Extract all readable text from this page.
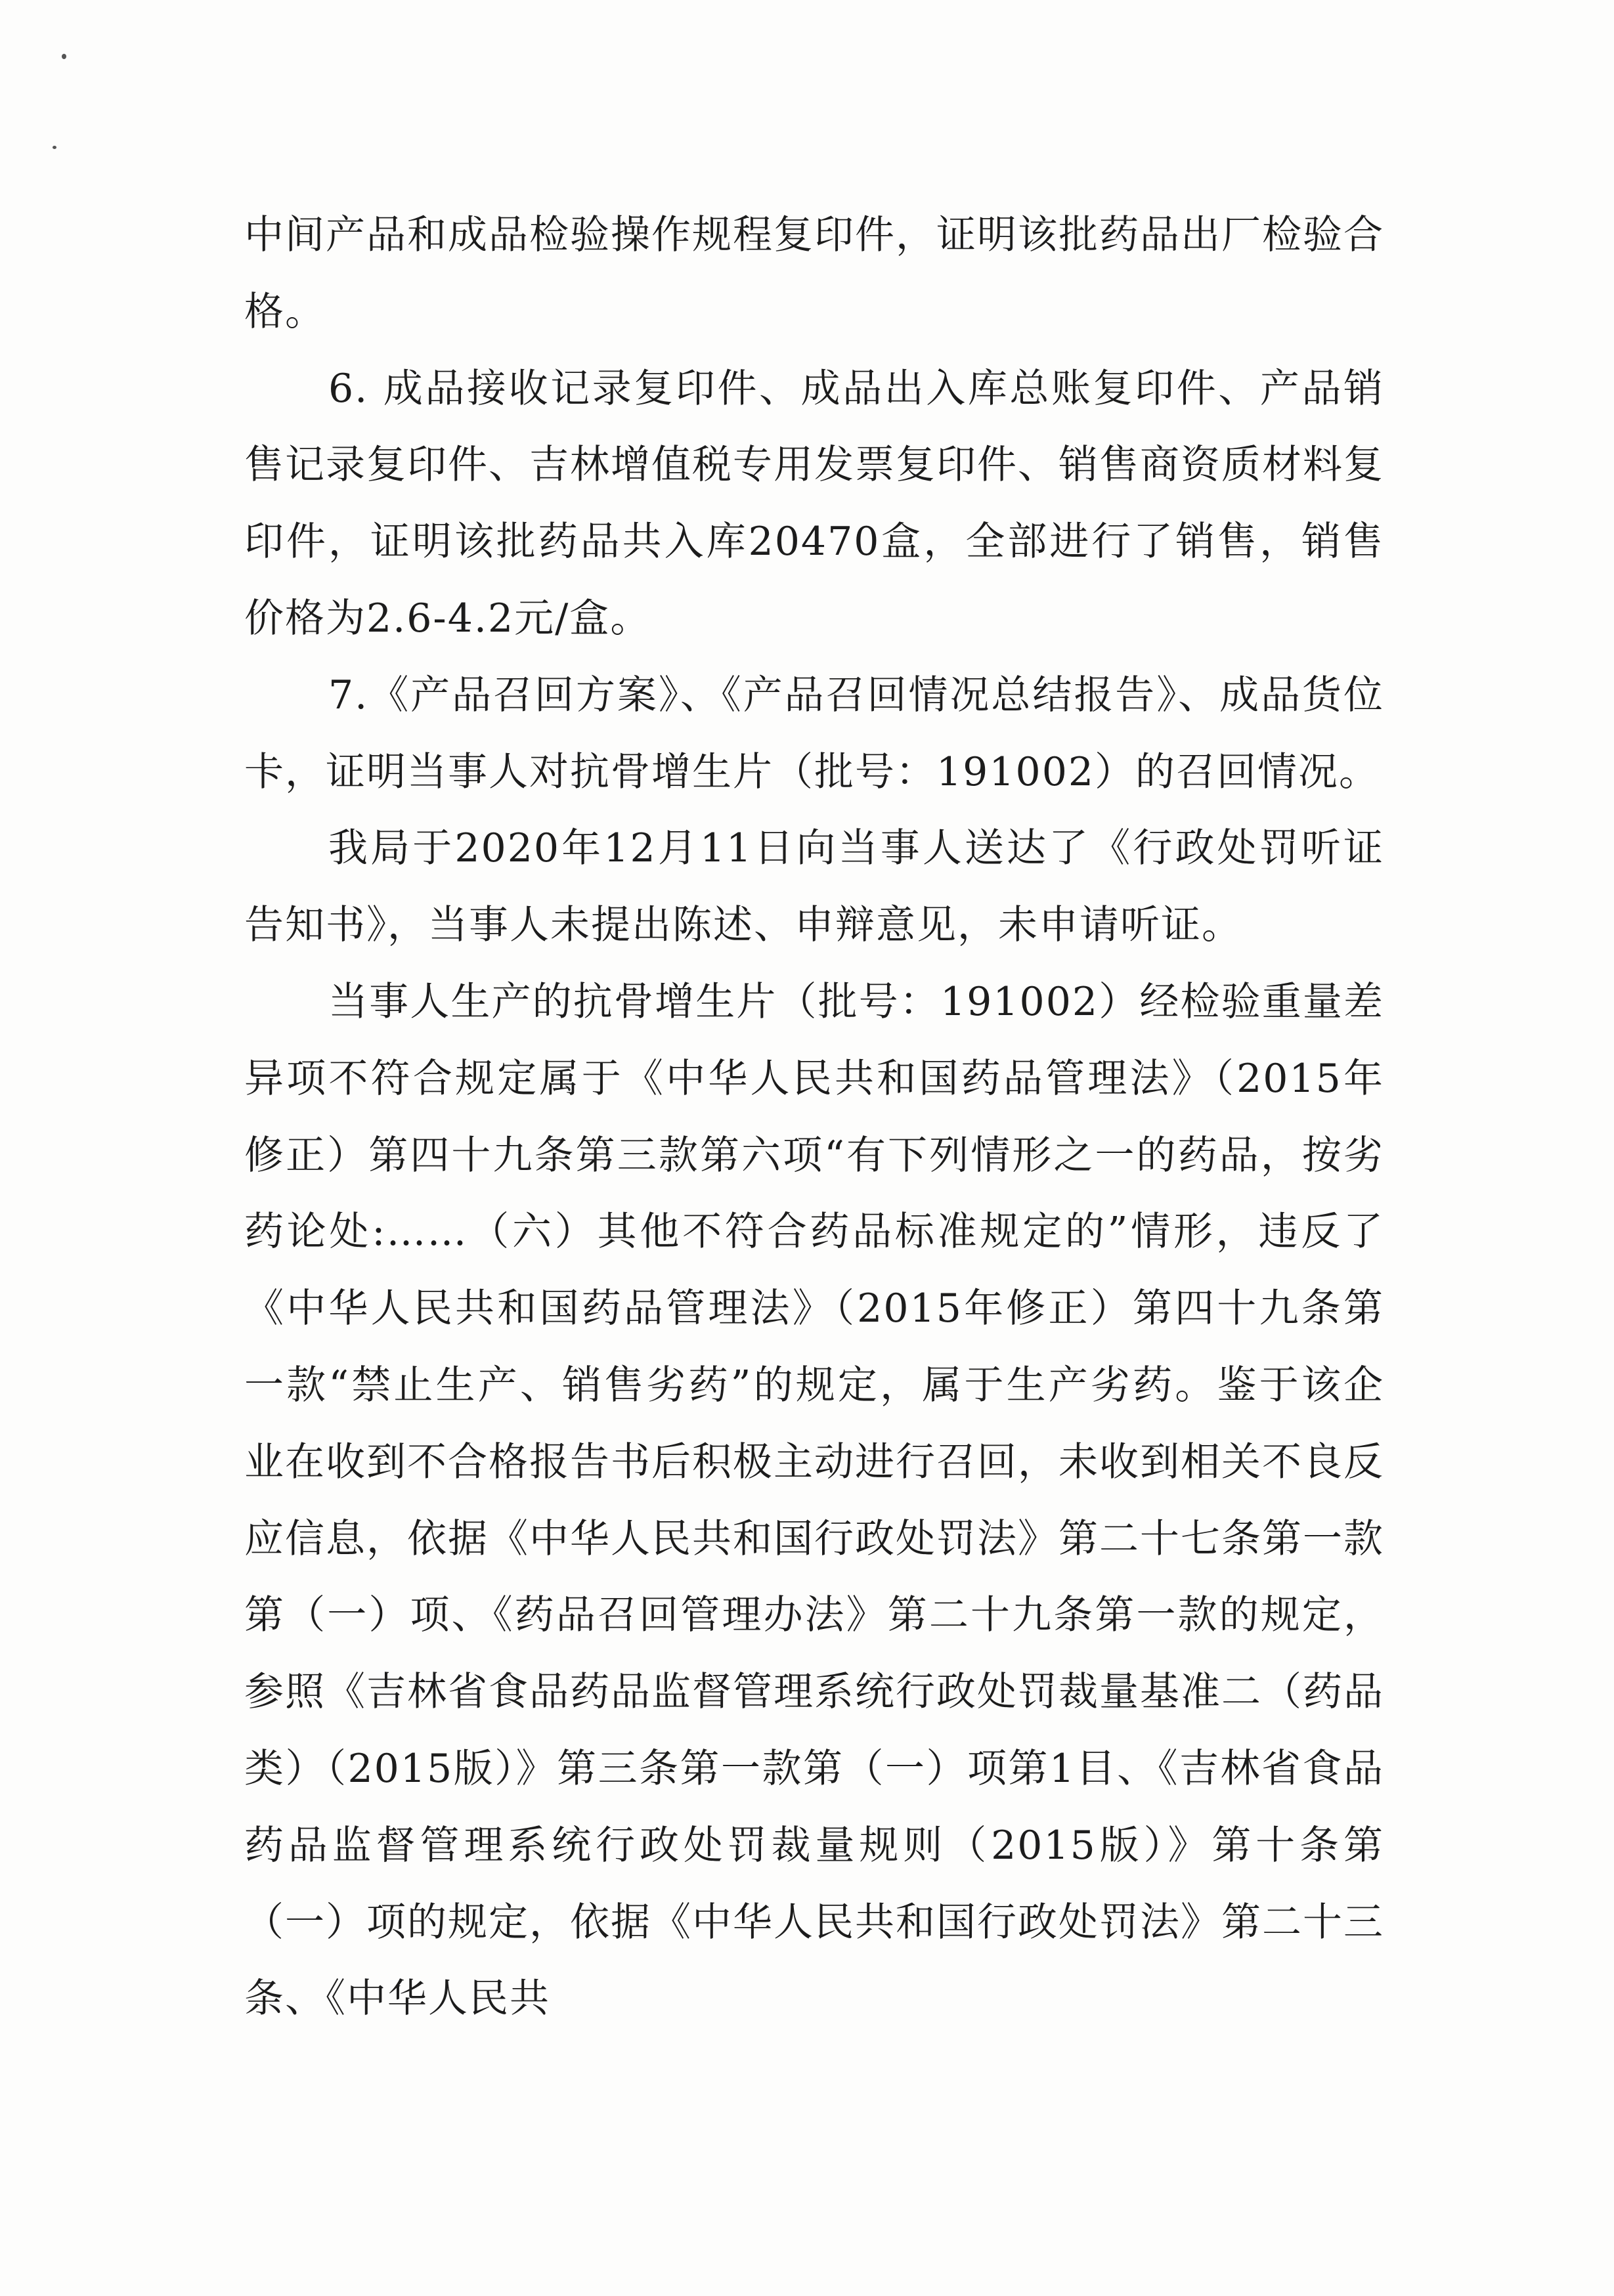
中间产品和成品检验操作规程复印件，证明该批药品出厂检验合格。

6. 成品接收记录复印件、成品出入库总账复印件、产品销售记录复印件、吉林增值税专用发票复印件、销售商资质材料复印件，证明该批药品共入库20470盒，全部进行了销售，销售价格为2.6-4.2元/盒。

7.《产品召回方案》、《产品召回情况总结报告》、成品货位卡，证明当事人对抗骨增生片（批号：191002）的召回情况。

我局于2020年12月11日向当事人送达了《行政处罚听证告知书》，当事人未提出陈述、申辩意见，未申请听证。

当事人生产的抗骨增生片（批号：191002）经检验重量差异项不符合规定属于《中华人民共和国药品管理法》（2015年修正）第四十九条第三款第六项“有下列情形之一的药品，按劣药论处:……（六）其他不符合药品标准规定的”情形，违反了《中华人民共和国药品管理法》（2015年修正）第四十九条第一款“禁止生产、销售劣药”的规定，属于生产劣药。鉴于该企业在收到不合格报告书后积极主动进行召回，未收到相关不良反应信息，依据《中华人民共和国行政处罚法》第二十七条第一款第（一）项、《药品召回管理办法》第二十九条第一款的规定，参照《吉林省食品药品监督管理系统行政处罚裁量基准二（药品类）（2015版）》第三条第一款第（一）项第1目、《吉林省食品药品监督管理系统行政处罚裁量规则（2015版）》第十条第（一）项的规定，依据《中华人民共和国行政处罚法》第二十三条、《中华人民共
